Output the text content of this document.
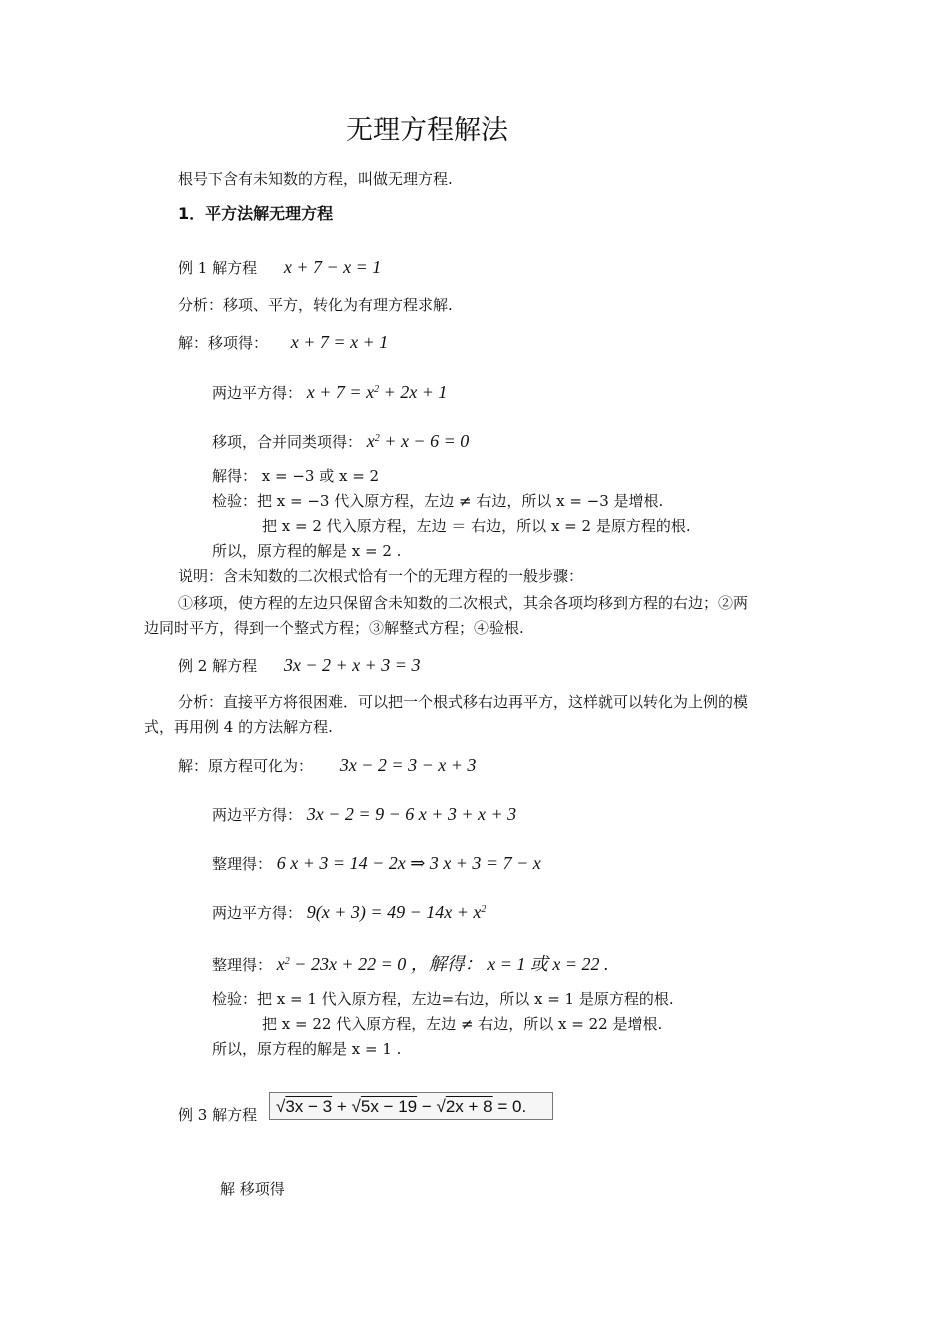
无理方程解法
根号下含有未知数的方程，叫做无理方程.
1．平方法解无理方程
例 1 解方程 x + 7 − x = 1
分析：移项、平方，转化为有理方程求解.
解：移项得： x + 7 = x + 1
两边平方得： $x + 7 = x^2 + 2x + 1$
移项，合并同类项得： $x^2 + x - 6 = 0$
解得： x = −3 或 x = 2
检验：把 x = −3 代入原方程，左边 ≠ 右边，所以 x = −3 是增根.
把 x = 2 代入原方程，左边 ＝ 右边，所以 x = 2 是原方程的根.
所以，原方程的解是 x = 2 .
说明：含未知数的二次根式恰有一个的无理方程的一般步骤：
①移项，使方程的左边只保留含未知数的二次根式，其余各项均移到方程的右边；②两
边同时平方，得到一个整式方程；③解整式方程；④验根.
例 2 解方程 3x − 2 + x + 3 = 3
分析：直接平方将很困难．可以把一个根式移右边再平方，这样就可以转化为上例的模
式，再用例 4 的方法解方程.
解：原方程可化为： 3x − 2 = 3 − x + 3
两边平方得： 3x − 2 = 9 − 6 x + 3 + x + 3
整理得： 6 x + 3 = 14 − 2x ⇒ 3 x + 3 = 7 − x
两边平方得： $9(x + 3) = 49 - 14x + x^2$
整理得： $x^2 - 23x + 22 = 0$ ，解得： x = 1 或 x = 22 .
检验：把 x = 1 代入原方程，左边=右边，所以 x = 1 是原方程的根.
把 x = 22 代入原方程，左边 ≠ 右边，所以 x = 22 是增根.
所以，原方程的解是 x = 1 .
例 3 解方程	√3x − 3 + √5x − 19 − √2x + 8 = 0.
解 移项得
